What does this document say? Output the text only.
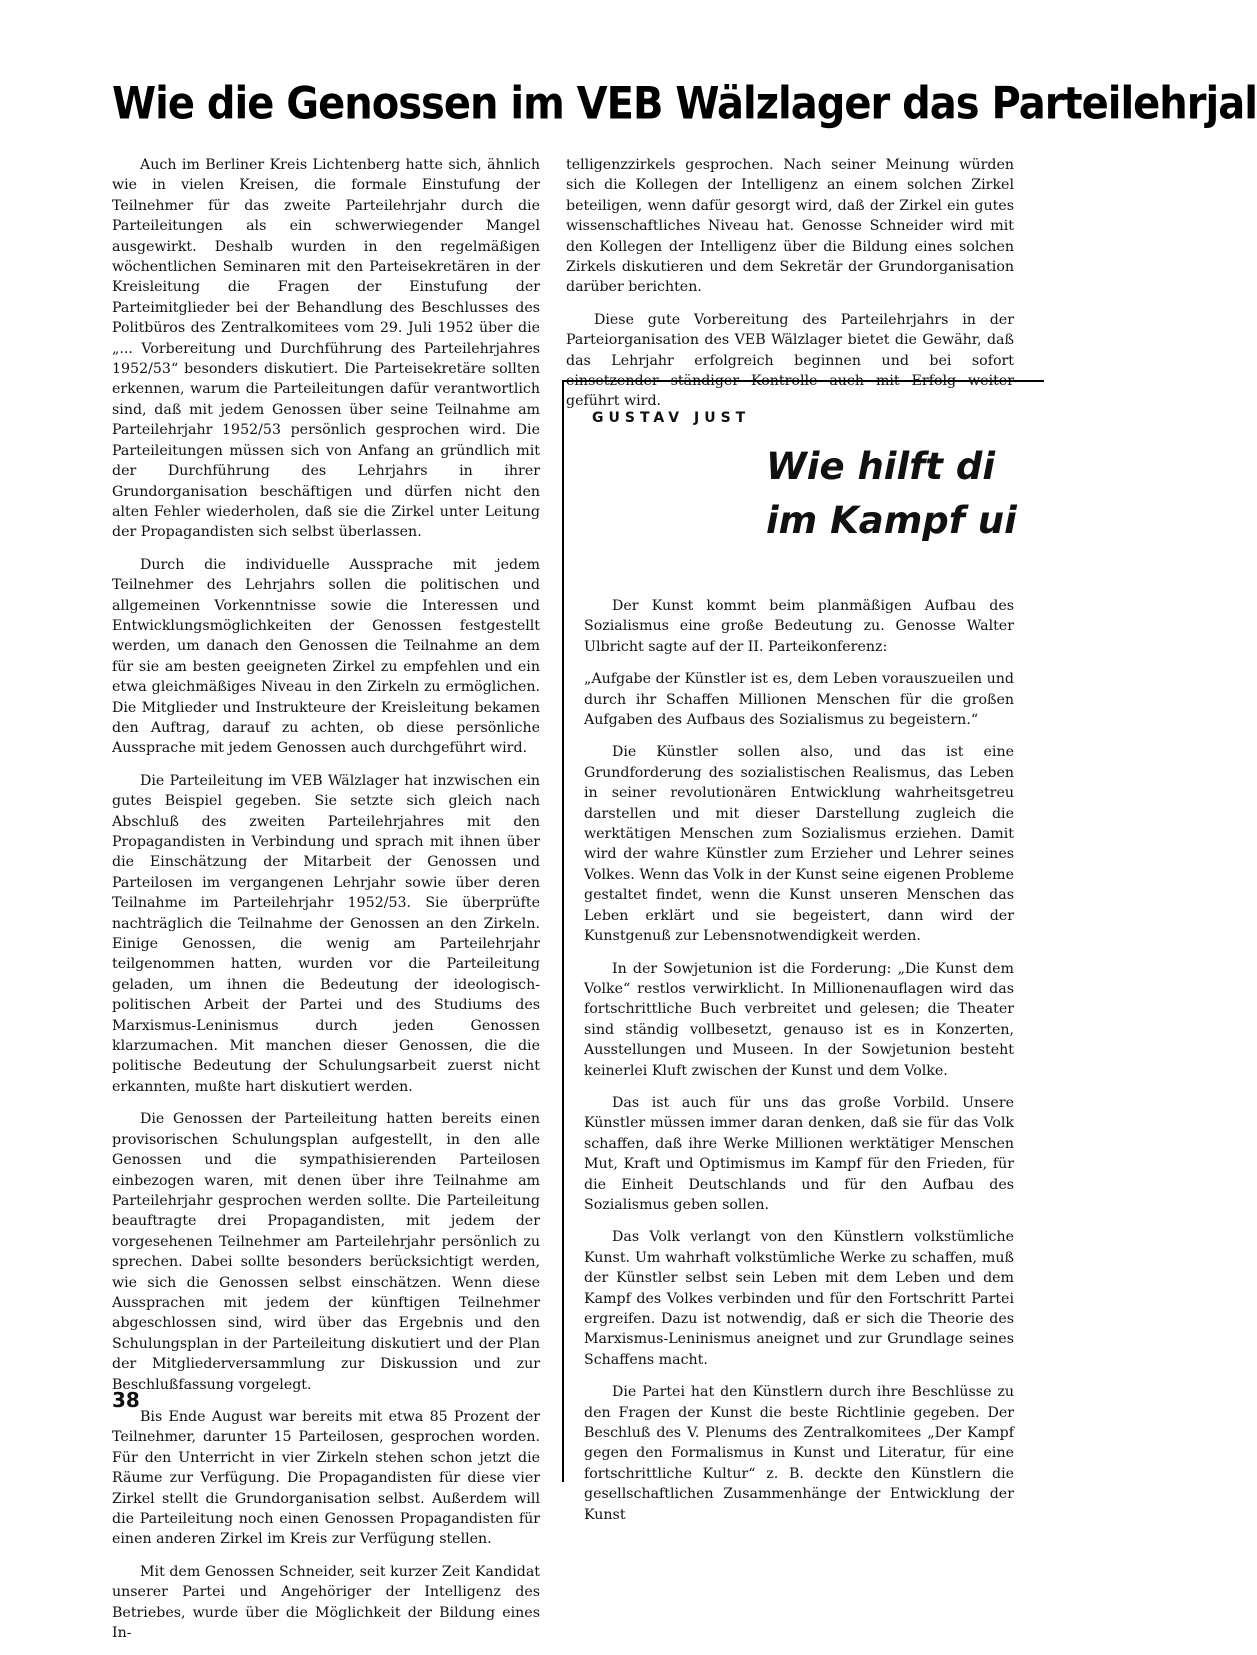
Wie die Genossen im VEB Wälzlager das Parteilehrjal

Auch im Berliner Kreis Lichtenberg hatte sich, ähnlich wie in vielen Kreisen, die formale Einstufung der Teilnehmer für das zweite Parteilehrjahr durch die Parteileitungen als ein schwerwiegender Mangel ausgewirkt. Deshalb wurden in den regelmäßigen wöchentlichen Seminaren mit den Parteisekretären in der Kreisleitung die Fragen der Einstufung der Parteimitglieder bei der Behandlung des Beschlusses des Politbüros des Zentralkomitees vom 29. Juli 1952 über die „... Vorbereitung und Durchführung des Parteilehrjahres 1952/53“ besonders diskutiert. Die Parteisekretäre sollten erkennen, warum die Parteileitungen dafür verantwortlich sind, daß mit jedem Genossen über seine Teilnahme am Parteilehrjahr 1952/53 persönlich gesprochen wird. Die Parteileitungen müssen sich von Anfang an gründlich mit der Durchführung des Lehrjahrs in ihrer Grundorganisation beschäftigen und dürfen nicht den alten Fehler wiederholen, daß sie die Zirkel unter Leitung der Propagandisten sich selbst überlassen.

Durch die individuelle Aussprache mit jedem Teilnehmer des Lehrjahrs sollen die politischen und allgemeinen Vorkenntnisse sowie die Interessen und Entwicklungsmöglichkeiten der Genossen festgestellt werden, um danach den Genossen die Teilnahme an dem für sie am besten geeigneten Zirkel zu empfehlen und ein etwa gleichmäßiges Niveau in den Zirkeln zu ermöglichen. Die Mitglieder und Instrukteure der Kreisleitung bekamen den Auftrag, darauf zu achten, ob diese persönliche Aussprache mit jedem Genossen auch durchgeführt wird.

Die Parteileitung im VEB Wälzlager hat inzwischen ein gutes Beispiel gegeben. Sie setzte sich gleich nach Abschluß des zweiten Parteilehrjahres mit den Propagandisten in Verbindung und sprach mit ihnen über die Einschätzung der Mitarbeit der Genossen und Parteilosen im vergangenen Lehrjahr sowie über deren Teilnahme im Parteilehrjahr 1952/53. Sie überprüfte nachträglich die Teilnahme der Genossen an den Zirkeln. Einige Genossen, die wenig am Parteilehrjahr teilgenommen hatten, wurden vor die Parteileitung geladen, um ihnen die Bedeutung der ideologisch-politischen Arbeit der Partei und des Studiums des Marxismus-Leninismus durch jeden Genossen klarzumachen. Mit manchen dieser Genossen, die die politische Bedeutung der Schulungsarbeit zuerst nicht erkannten, mußte hart diskutiert werden.

Die Genossen der Parteileitung hatten bereits einen provisorischen Schulungsplan aufgestellt, in den alle Genossen und die sympathisierenden Parteilosen einbezogen waren, mit denen über ihre Teilnahme am Parteilehrjahr gesprochen werden sollte. Die Parteileitung beauftragte drei Propagandisten, mit jedem der vorgesehenen Teilnehmer am Parteilehrjahr persönlich zu sprechen. Dabei sollte besonders berücksichtigt werden, wie sich die Genossen selbst einschätzen. Wenn diese Aussprachen mit jedem der künftigen Teilnehmer abgeschlossen sind, wird über das Ergebnis und den Schulungsplan in der Parteileitung diskutiert und der Plan der Mitgliederversammlung zur Diskussion und zur Beschlußfassung vorgelegt.

Bis Ende August war bereits mit etwa 85 Prozent der Teilnehmer, darunter 15 Parteilosen, gesprochen worden. Für den Unterricht in vier Zirkeln stehen schon jetzt die Räume zur Verfügung. Die Propagandisten für diese vier Zirkel stellt die Grundorganisation selbst. Außerdem will die Parteileitung noch einen Genossen Propagandisten für einen anderen Zirkel im Kreis zur Verfügung stellen.

Mit dem Genossen Schneider, seit kurzer Zeit Kandidat unserer Partei und Angehöriger der Intelligenz des Betriebes, wurde über die Möglichkeit der Bildung eines In-

telligenzzirkels gesprochen. Nach seiner Meinung würden sich die Kollegen der Intelligenz an einem solchen Zirkel beteiligen, wenn dafür gesorgt wird, daß der Zirkel ein gutes wissenschaftliches Niveau hat. Genosse Schneider wird mit den Kollegen der Intelligenz über die Bildung eines solchen Zirkels diskutieren und dem Sekretär der Grundorganisation darüber berichten.

Diese gute Vorbereitung des Parteilehrjahrs in der Parteiorganisation des VEB Wälzlager bietet die Gewähr, daß das Lehrjahr erfolgreich beginnen und bei sofort einsetzender ständiger Kontrolle auch mit Erfolg weiter geführt wird.

GUSTAV JUST
Wie hilft di
im Kampf ui

Der Kunst kommt beim planmäßigen Aufbau des Sozialismus eine große Bedeutung zu. Genosse Walter Ulbricht sagte auf der II. Parteikonferenz:

„Aufgabe der Künstler ist es, dem Leben vorauszueilen und durch ihr Schaffen Millionen Menschen für die großen Aufgaben des Aufbaus des Sozialismus zu begeistern.“

Die Künstler sollen also, und das ist eine Grundforderung des sozialistischen Realismus, das Leben in seiner revolutionären Entwicklung wahrheitsgetreu darstellen und mit dieser Darstellung zugleich die werktätigen Menschen zum Sozialismus erziehen. Damit wird der wahre Künstler zum Erzieher und Lehrer seines Volkes. Wenn das Volk in der Kunst seine eigenen Probleme gestaltet findet, wenn die Kunst unseren Menschen das Leben erklärt und sie begeistert, dann wird der Kunstgenuß zur Lebensnotwendigkeit werden.

In der Sowjetunion ist die Forderung: „Die Kunst dem Volke“ restlos verwirklicht. In Millionenauflagen wird das fortschrittliche Buch verbreitet und gelesen; die Theater sind ständig vollbesetzt, genauso ist es in Konzerten, Ausstellungen und Museen. In der Sowjetunion besteht keinerlei Kluft zwischen der Kunst und dem Volke.

Das ist auch für uns das große Vorbild. Unsere Künstler müssen immer daran denken, daß sie für das Volk schaffen, daß ihre Werke Millionen werktätiger Menschen Mut, Kraft und Optimismus im Kampf für den Frieden, für die Einheit Deutschlands und für den Aufbau des Sozialismus geben sollen.

Das Volk verlangt von den Künstlern volkstümliche Kunst. Um wahrhaft volkstümliche Werke zu schaffen, muß der Künstler selbst sein Leben mit dem Leben und dem Kampf des Volkes verbinden und für den Fortschritt Partei ergreifen. Dazu ist notwendig, daß er sich die Theorie des Marxismus-Leninismus aneignet und zur Grundlage seines Schaffens macht.

Die Partei hat den Künstlern durch ihre Beschlüsse zu den Fragen der Kunst die beste Richtlinie gegeben. Der Beschluß des V. Plenums des Zentralkomitees „Der Kampf gegen den Formalismus in Kunst und Literatur, für eine fortschrittliche Kultur“ z. B. deckte den Künstlern die gesellschaftlichen Zusammenhänge der Entwicklung der Kunst

38
